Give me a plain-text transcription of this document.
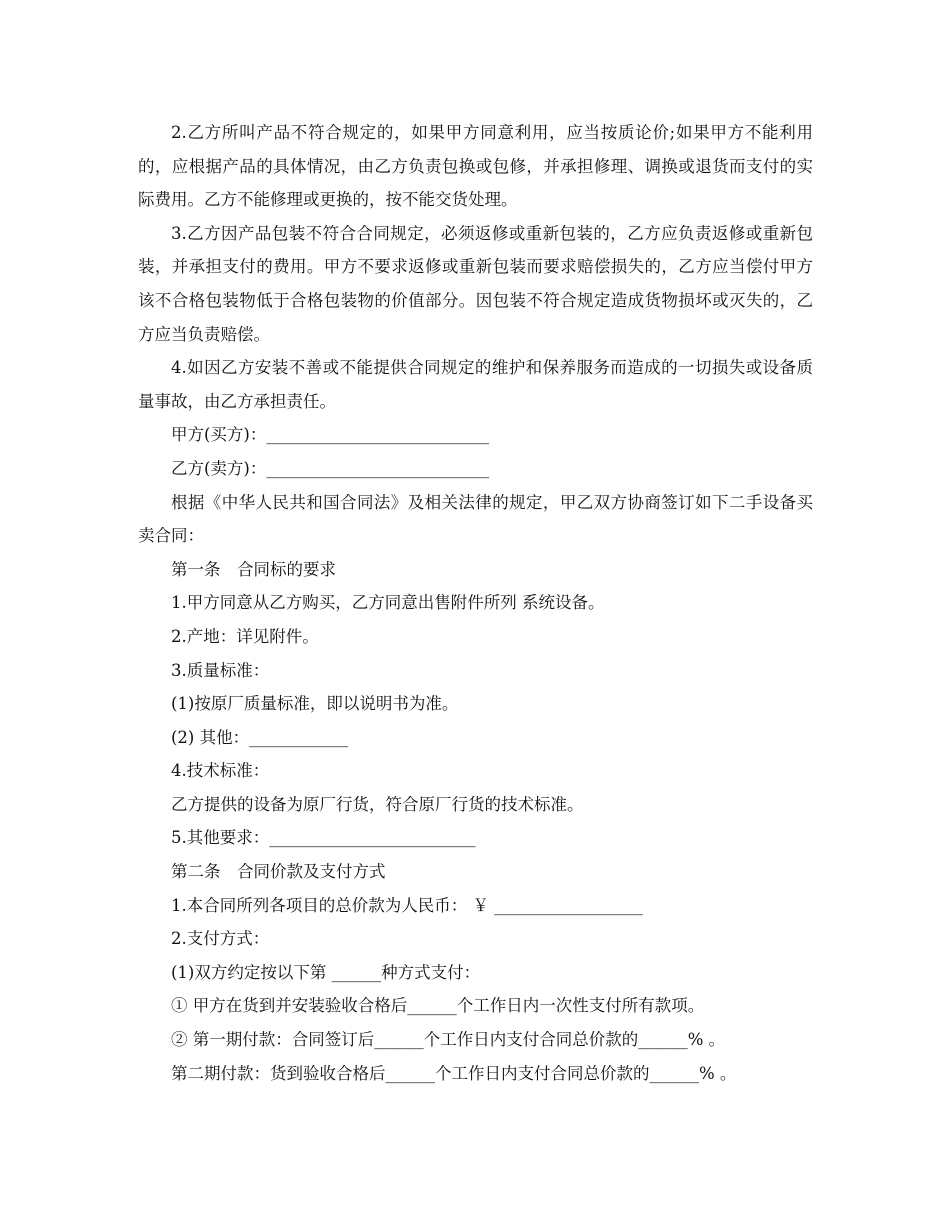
2.乙方所叫产品不符合规定的，如果甲方同意利用，应当按质论价;如果甲方不能利用的，应根据产品的具体情况，由乙方负责包换或包修，并承担修理、调换或退货而支付的实际费用。乙方不能修理或更换的，按不能交货处理。

3.乙方因产品包装不符合合同规定，必须返修或重新包装的，乙方应负责返修或重新包装，并承担支付的费用。甲方不要求返修或重新包装而要求赔偿损失的，乙方应当偿付甲方该不合格包装物低于合格包装物的价值部分。因包装不符合规定造成货物损坏或灭失的，乙方应当负责赔偿。

4.如因乙方安装不善或不能提供合同规定的维护和保养服务而造成的一切损失或设备质量事故，由乙方承担责任。

甲方(买方)：___________________________

乙方(卖方)：___________________________

根据《中华人民共和国合同法》及相关法律的规定，甲乙双方协商签订如下二手设备买卖合同：

第一条　合同标的要求

1.甲方同意从乙方购买，乙方同意出售附件所列 系统设备。

2.产地：详见附件。

3.质量标准：

(1)按原厂质量标准，即以说明书为准。

(2) 其他：____________

4.技术标准：

乙方提供的设备为原厂行货，符合原厂行货的技术标准。

5.其他要求：_________________________

第二条　合同价款及支付方式

1.本合同所列各项目的总价款为人民币： ￥ __________________

2.支付方式：

(1)双方约定按以下第 ______种方式支付：

① 甲方在货到并安装验收合格后______个工作日内一次性支付所有款项。

② 第一期付款：合同签订后______个工作日内支付合同总价款的______% 。

第二期付款：货到验收合格后______个工作日内支付合同总价款的______% 。
